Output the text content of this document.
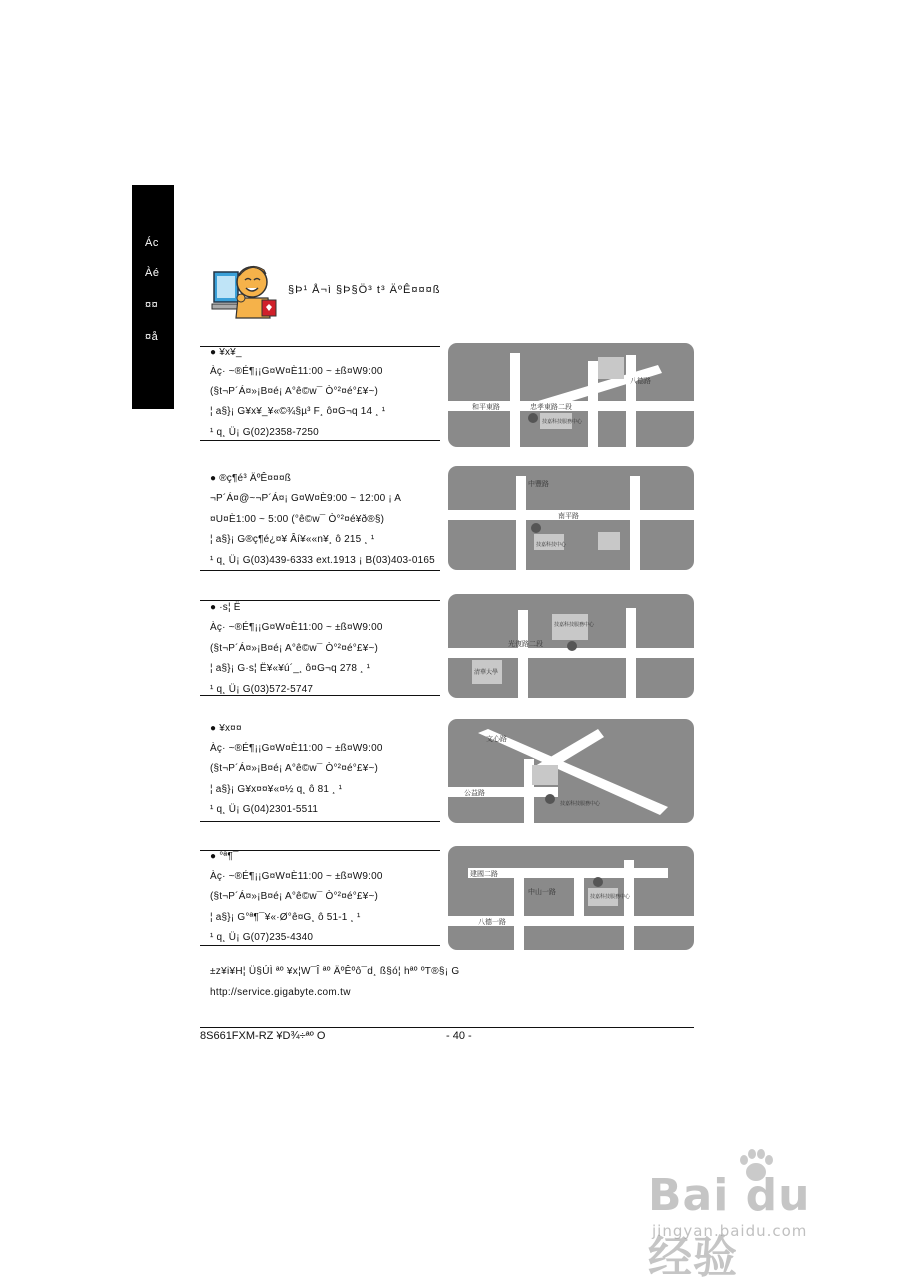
Ác
Àé
¤¤
¤å
§Þ¹ Å¬ì §Þ§Ö³ t³ ÄºÊ¤¤¤ß
● ¥x¥_
Àç· ~®É¶¡¡G¤W¤È11:00 ~ ±ß¤W9:00
(§t¬P´Á¤»¡B¤é¡ A°ê©w¯ Ò°²¤é°£¥~)
¦ a§}¡ G¥x¥_¥«©¾§µ³ F¸ ô¤G¬q 14 ¸ ¹
¹ q¸ Ü¡ G(02)2358-7250
和平東路
八德路
忠孝東路二段
技嘉科技服務中心
● ®ç¶é³ ÄºÊ¤¤¤ß
¬P´Á¤@~¬P´Á¤¡ G¤W¤È9:00 ~ 12:00 ¡ A
¤U¤È1:00 ~ 5:00 (°ê©w¯ Ò°²¤é¥ð®§)
¦ a§}¡ G®ç¶é¿¤¥ Âí¥««n¥¸ ô 215 ¸ ¹
¹ q¸ Ü¡ G(03)439-6333 ext.1913 ¡ B(03)403-0165
中豐路
南平路
技嘉科技中心
● ·s¦ Ë
Àç· ~®É¶¡¡G¤W¤È11:00 ~ ±ß¤W9:00
(§t¬P´Á¤»¡B¤é¡ A°ê©w¯ Ò°²¤é°£¥~)
¦ a§}¡ G·s¦ Ë¥«¥ú´_¸ ô¤G¬q 278 ¸ ¹
¹ q¸ Ü¡ G(03)572-5747
光復路二段
技嘉科技服務中心
清華大學
● ¥x¤¤
Àç· ~®É¶¡¡G¤W¤È11:00 ~ ±ß¤W9:00
(§t¬P´Á¤»¡B¤é¡ A°ê©w¯ Ò°²¤é°£¥~)
¦ a§}¡ G¥x¤¤¥«¤½ q¸ ô 81 ¸ ¹
¹ q¸ Ü¡ G(04)2301-5511
文心路
公益路
技嘉科技服務中心
● °ª¶¯
Àç· ~®É¶¡¡G¤W¤È11:00 ~ ±ß¤W9:00
(§t¬P´Á¤»¡B¤é¡ A°ê©w¯ Ò°²¤é°£¥~)
¦ a§}¡ G°ª¶¯¥«·Ø°ê¤G¸ ô 51-1 ¸ ¹
¹ q¸ Ü¡ G(07)235-4340
建國二路
中山一路
八德一路
技嘉科技服務中心
±z¥i¥H¦ Ü§ÚÌ ªº ¥x¦W¯Î ªº ÄºÊºô¯d¸ ß§ó¦ hªº ºT®§¡ G
http://service.gigabyte.com.tw
8S661FXM-RZ ¥D¾÷ªº O	- 40 -
Bai du 经验
jingyan.baidu.com
